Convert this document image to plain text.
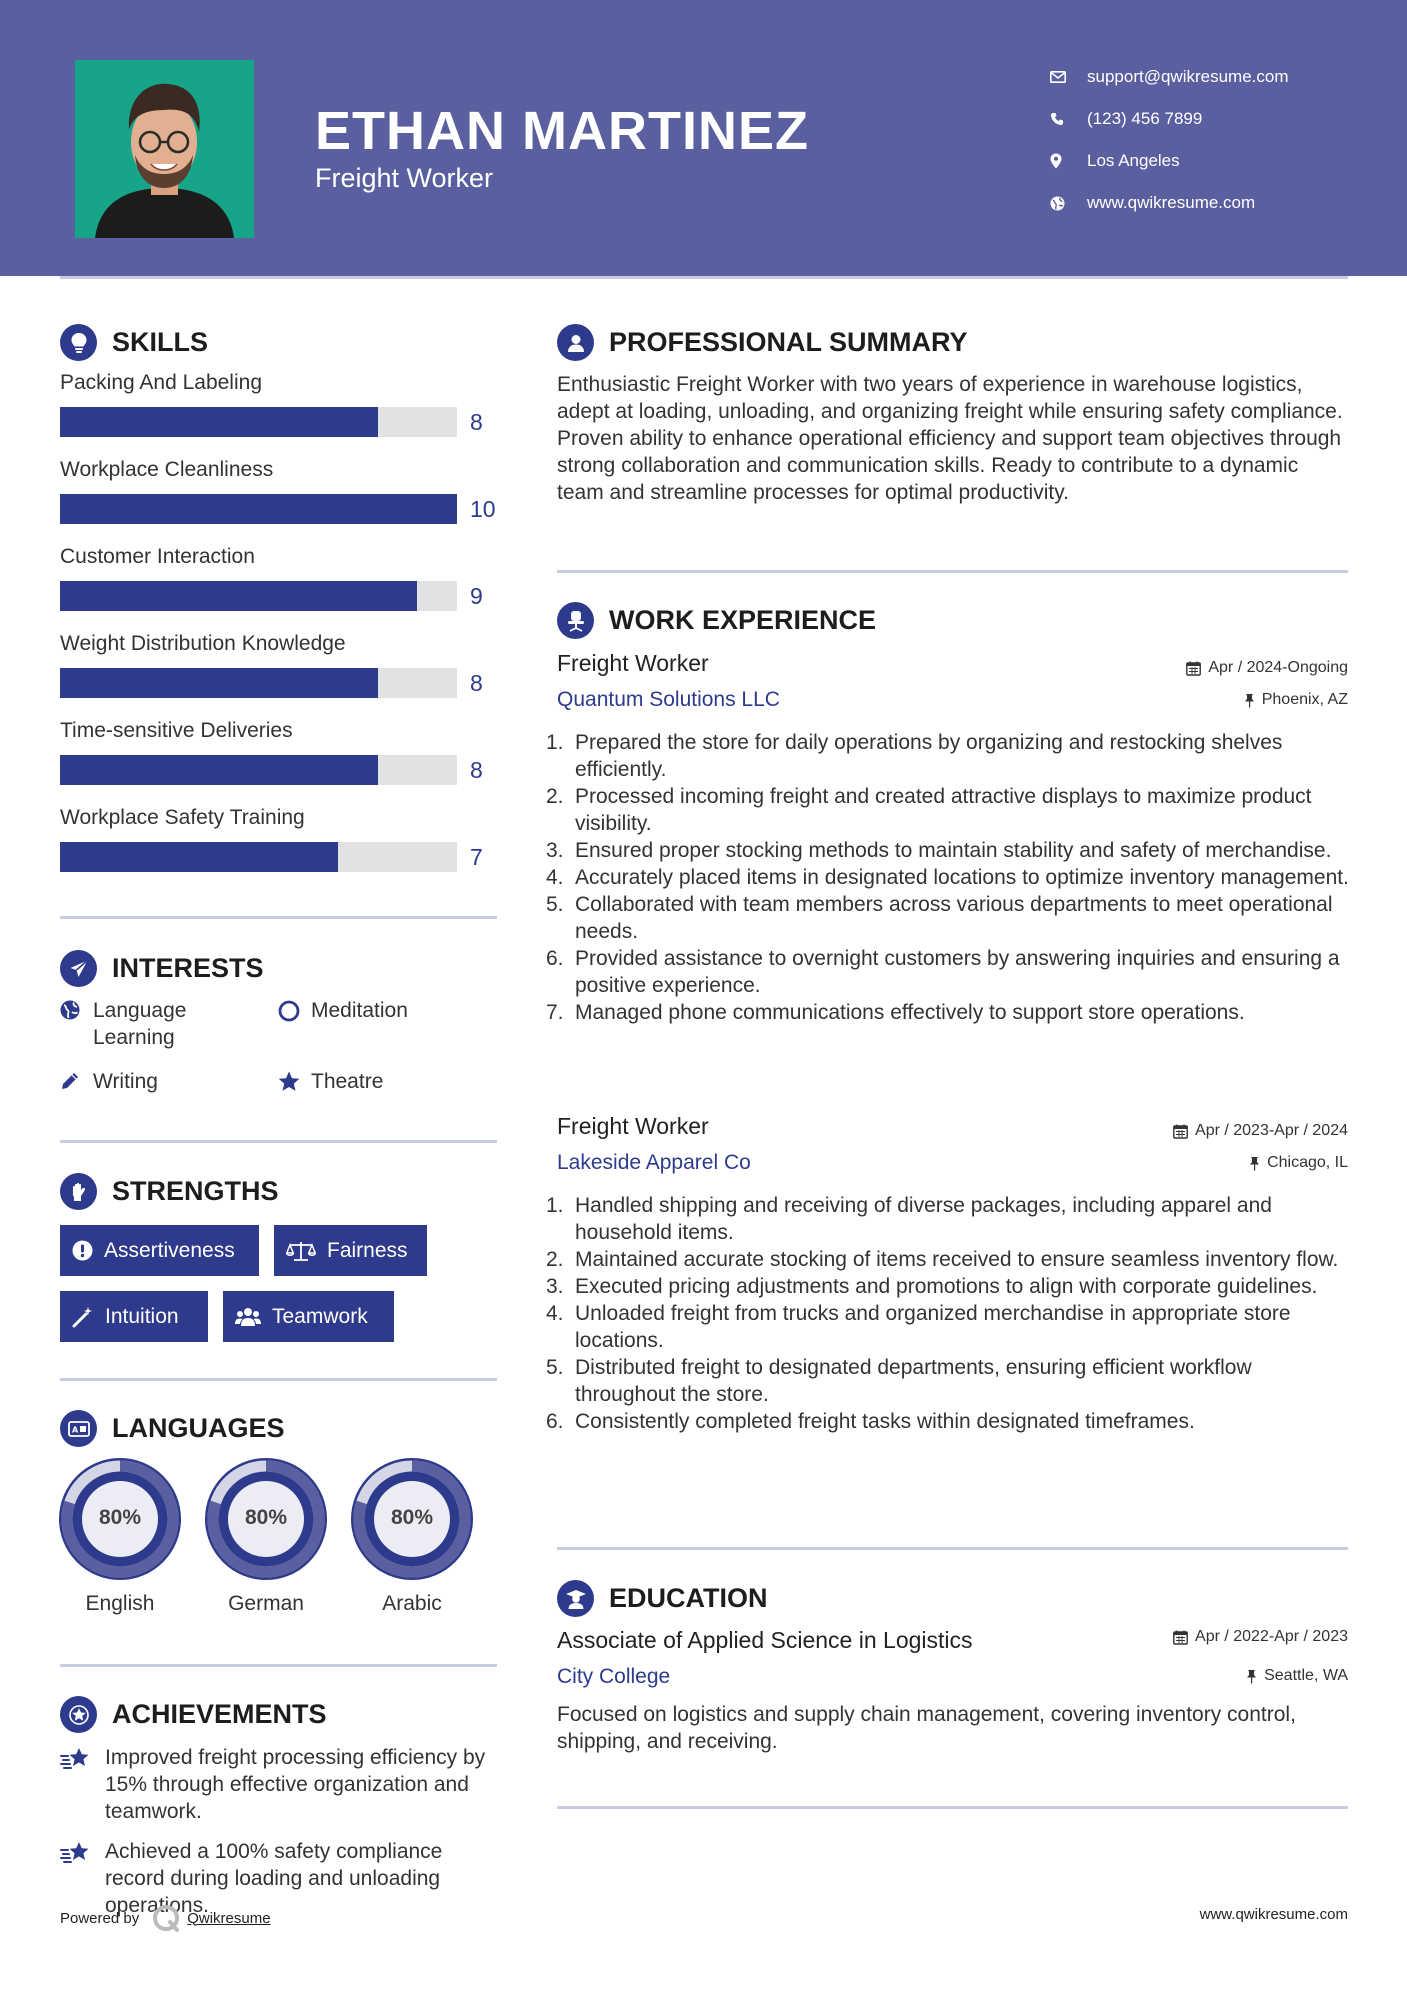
ETHAN MARTINEZ
Freight Worker
support@qwikresume.com
(123) 456 7899
Los Angeles
www.qwikresume.com
SKILLS
Packing And Labeling
8
Workplace Cleanliness
10
Customer Interaction
9
Weight Distribution Knowledge
8
Time-sensitive Deliveries
8
Workplace Safety Training
7
INTERESTS
Language Learning
Meditation
Writing	Theatre
STRENGTHS
Assertiveness	Fairness
Intuition	Teamwork
A LANGUAGES
80%
English
80%
German
80%
Arabic
ACHIEVEMENTS
Improved freight processing efficiency by 15% through effective organization and teamwork.
Achieved a 100% safety compliance record during loading and unloading operations.
PROFESSIONAL SUMMARY
Enthusiastic Freight Worker with two years of experience in warehouse logistics, adept at loading, unloading, and organizing freight while ensuring safety compliance. Proven ability to enhance operational efficiency and support team objectives through strong collaboration and communication skills. Ready to contribute to a dynamic team and streamline processes for optimal productivity.
WORK EXPERIENCE
Freight Worker	Apr / 2024-Ongoing
Quantum Solutions LLC	Phoenix, AZ
1. Prepared the store for daily operations by organizing and restocking shelves efficiently.
2. Processed incoming freight and created attractive displays to maximize product visibility.
3. Ensured proper stocking methods to maintain stability and safety of merchandise.
4. Accurately placed items in designated locations to optimize inventory management.
5. Collaborated with team members across various departments to meet operational needs.
6. Provided assistance to overnight customers by answering inquiries and ensuring a positive experience.
7. Managed phone communications effectively to support store operations.
Freight Worker	Apr / 2023-Apr / 2024
Lakeside Apparel Co	Chicago, IL
1. Handled shipping and receiving of diverse packages, including apparel and household items.
2. Maintained accurate stocking of items received to ensure seamless inventory flow.
3. Executed pricing adjustments and promotions to align with corporate guidelines.
4. Unloaded freight from trucks and organized merchandise in appropriate store locations.
5. Distributed freight to designated departments, ensuring efficient workflow throughout the store.
6. Consistently completed freight tasks within designated timeframes.
EDUCATION
Associate of Applied Science in Logistics	Apr / 2022-Apr / 2023
City College	Seattle, WA
Focused on logistics and supply chain management, covering inventory control, shipping, and receiving.
Powered by	Qwikresume	www.qwikresume.com
